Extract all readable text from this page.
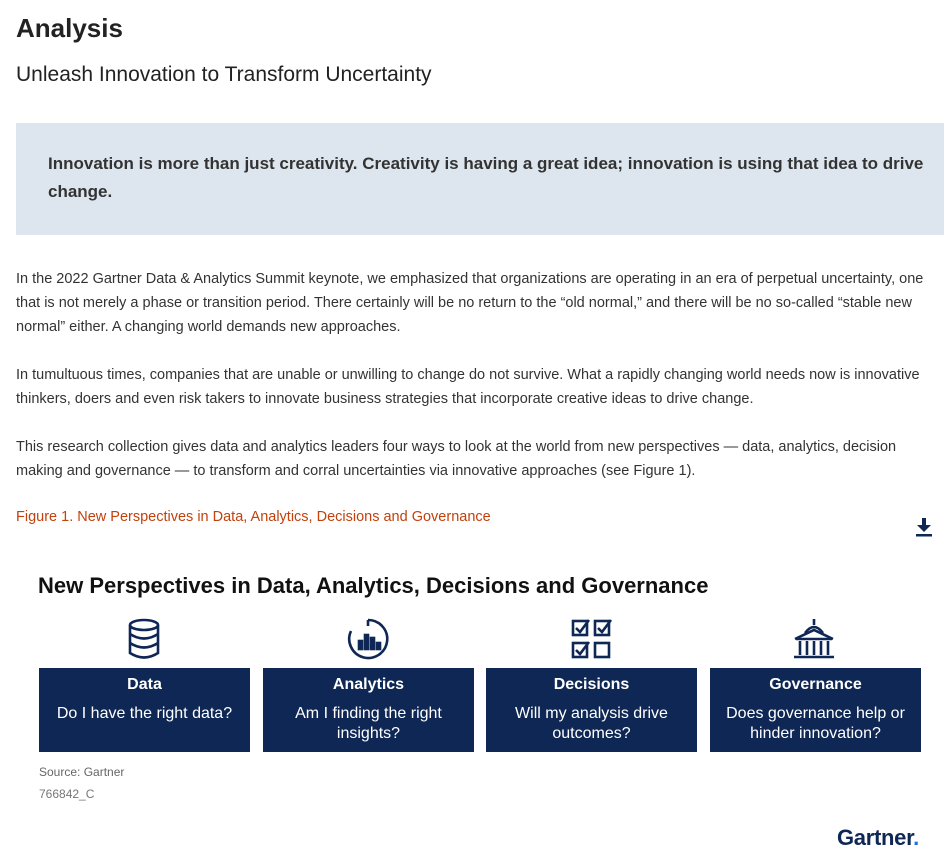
Analysis
Unleash Innovation to Transform Uncertainty

Innovation is more than just creativity. Creativity is having a great idea; innovation is using that idea to drive change.

In the 2022 Gartner Data & Analytics Summit keynote, we emphasized that organizations are operating in an era of perpetual uncertainty, one that is not merely a phase or transition period. There certainly will be no return to the “old normal,” and there will be no so-called “stable new normal” either. A changing world demands new approaches.

In tumultuous times, companies that are unable or unwilling to change do not survive. What a rapidly changing world needs now is innovative thinkers, doers and even risk takers to innovate business strategies that incorporate creative ideas to drive change.

This research collection gives data and analytics leaders four ways to look at the world from new perspectives — data, analytics, decision making and governance — to transform and corral uncertainties via innovative approaches (see Figure 1).

Figure 1. New Perspectives in Data, Analytics, Decisions and Governance

New Perspectives in Data, Analytics, Decisions and Governance
Data
Do I have the right data?
Analytics
Am I finding the right insights?
Decisions
Will my analysis drive outcomes?
Governance
Does governance help or hinder innovation?
Source: Gartner
766842_C
Gartner.
